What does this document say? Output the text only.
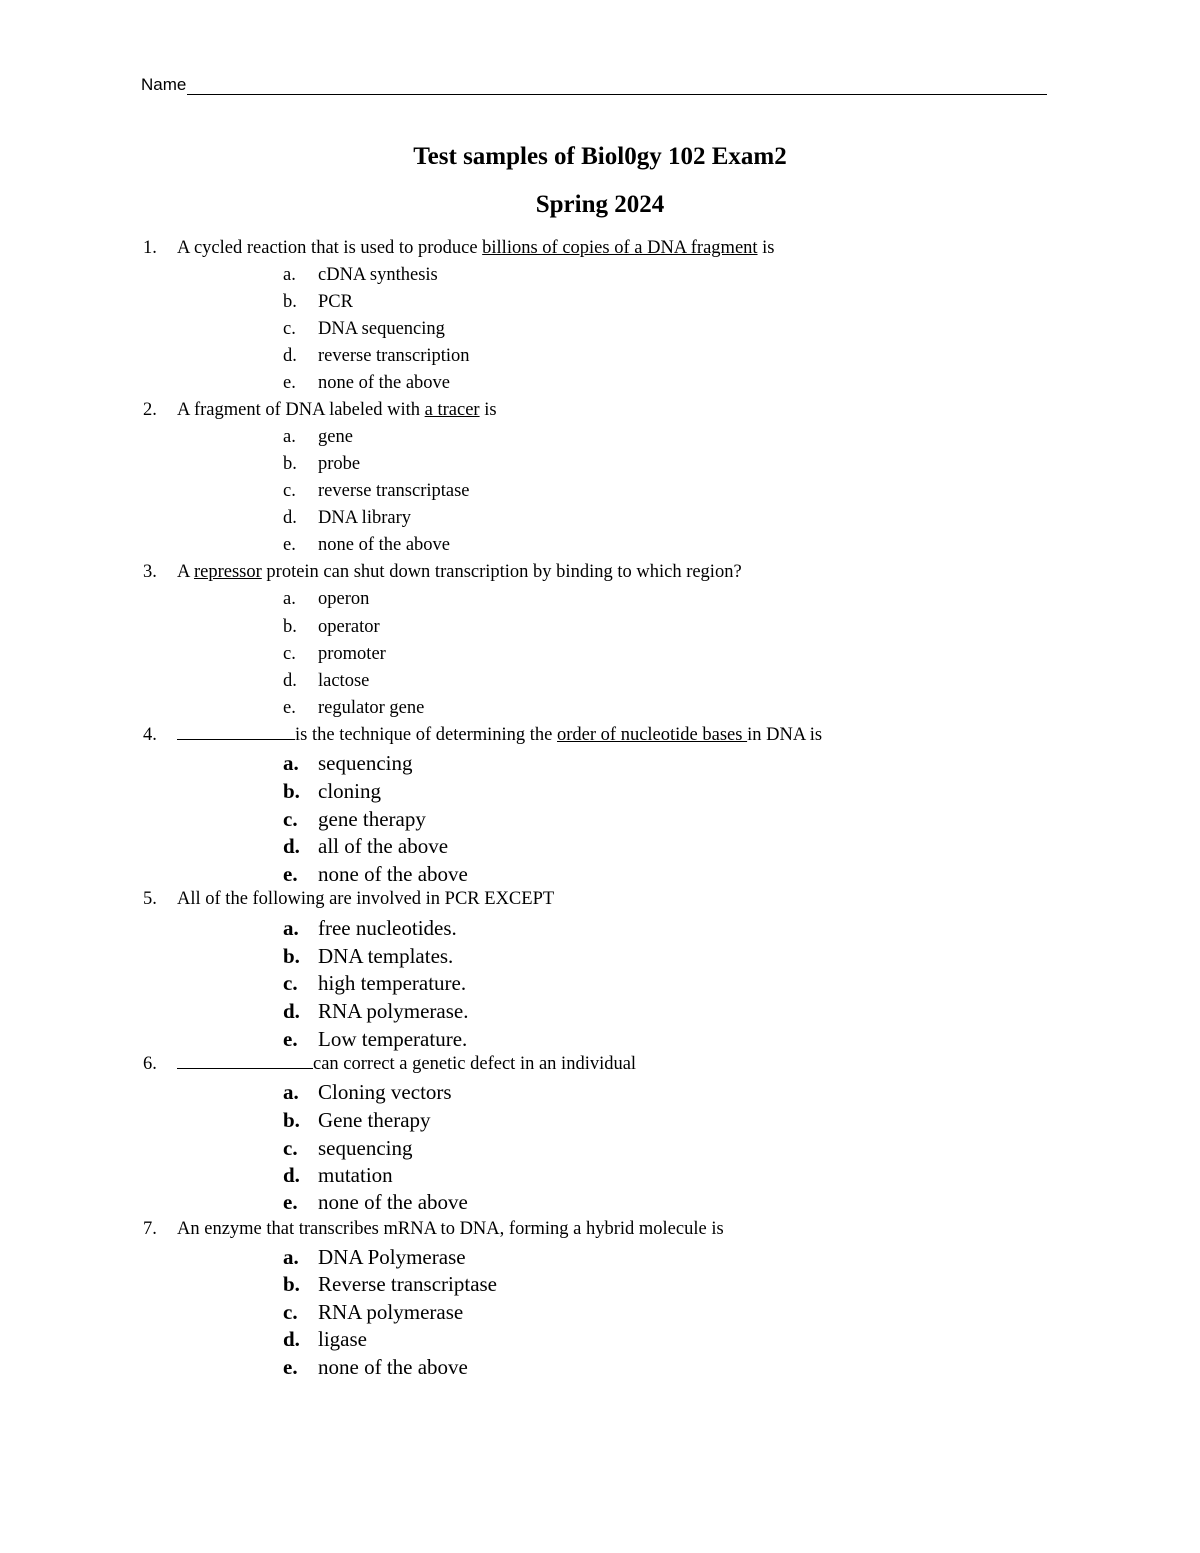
Name
Test samples of Biol0gy 102 Exam2
Spring 2024
1. A cycled reaction that is used to produce billions of copies of a DNA fragment is
a. cDNA synthesis
b. PCR
c. DNA sequencing
d. reverse transcription
e. none of the above
2. A fragment of DNA labeled with a tracer is
a. gene
b. probe
c. reverse transcriptase
d. DNA library
e. none of the above
3. A repressor protein can shut down transcription by binding to which region?
a. operon
b. operator
c. promoter
d. lactose
e. regulator gene
4.	is the technique of determining the order of nucleotide bases in DNA is
a. sequencing
b. cloning
c. gene therapy
d. all of the above
e. none of the above
5. All of the following are involved in PCR EXCEPT
a. free nucleotides.
b. DNA templates.
c. high temperature.
d. RNA polymerase.
e. Low temperature.
6.	can correct a genetic defect in an individual
a. Cloning vectors
b. Gene therapy
c. sequencing
d. mutation
e. none of the above
7. An enzyme that transcribes mRNA to DNA, forming a hybrid molecule is
a. DNA Polymerase
b. Reverse transcriptase
c. RNA polymerase
d. ligase
e. none of the above
